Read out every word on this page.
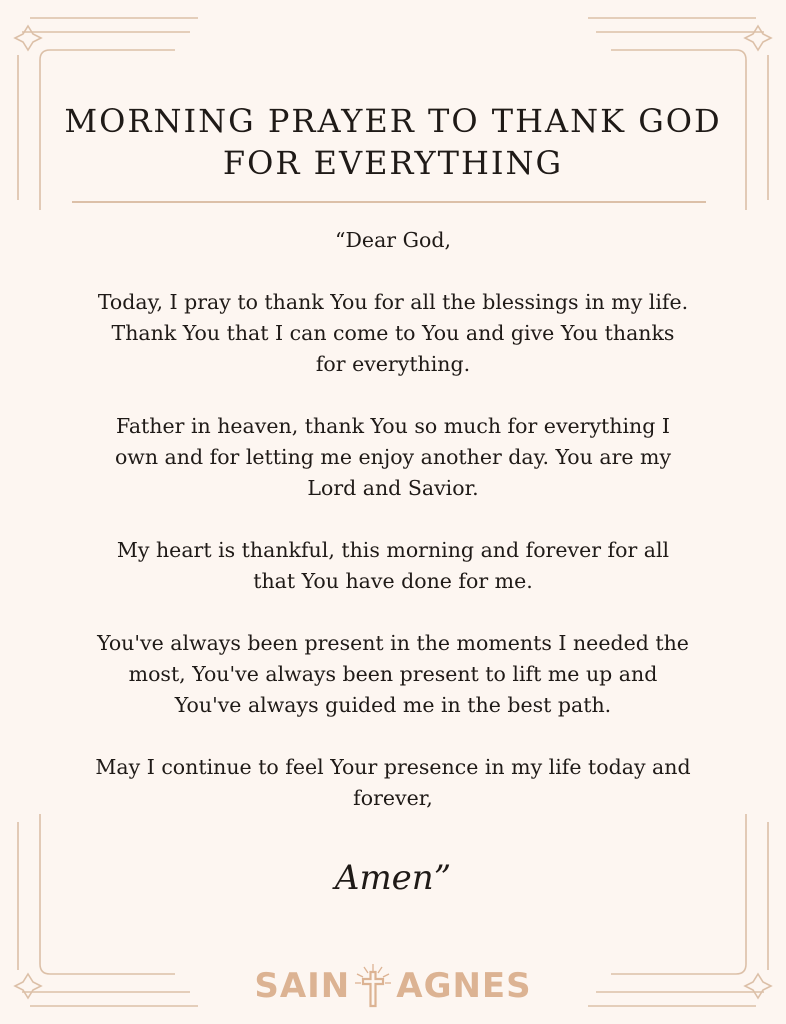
MORNING PRAYER TO THANK GOD
FOR EVERYTHING

“Dear God,

Today, I pray to thank You for all the blessings in my life.
Thank You that I can come to You and give You thanks
for everything.

Father in heaven, thank You so much for everything I
own and for letting me enjoy another day. You are my
Lord and Savior.

My heart is thankful, this morning and forever for all
that You have done for me.

You've always been present in the moments I needed the
most, You've always been present to lift me up and
You've always guided me in the best path.

May I continue to feel Your presence in my life today and
forever,

Amen”
SAIN AGNES
